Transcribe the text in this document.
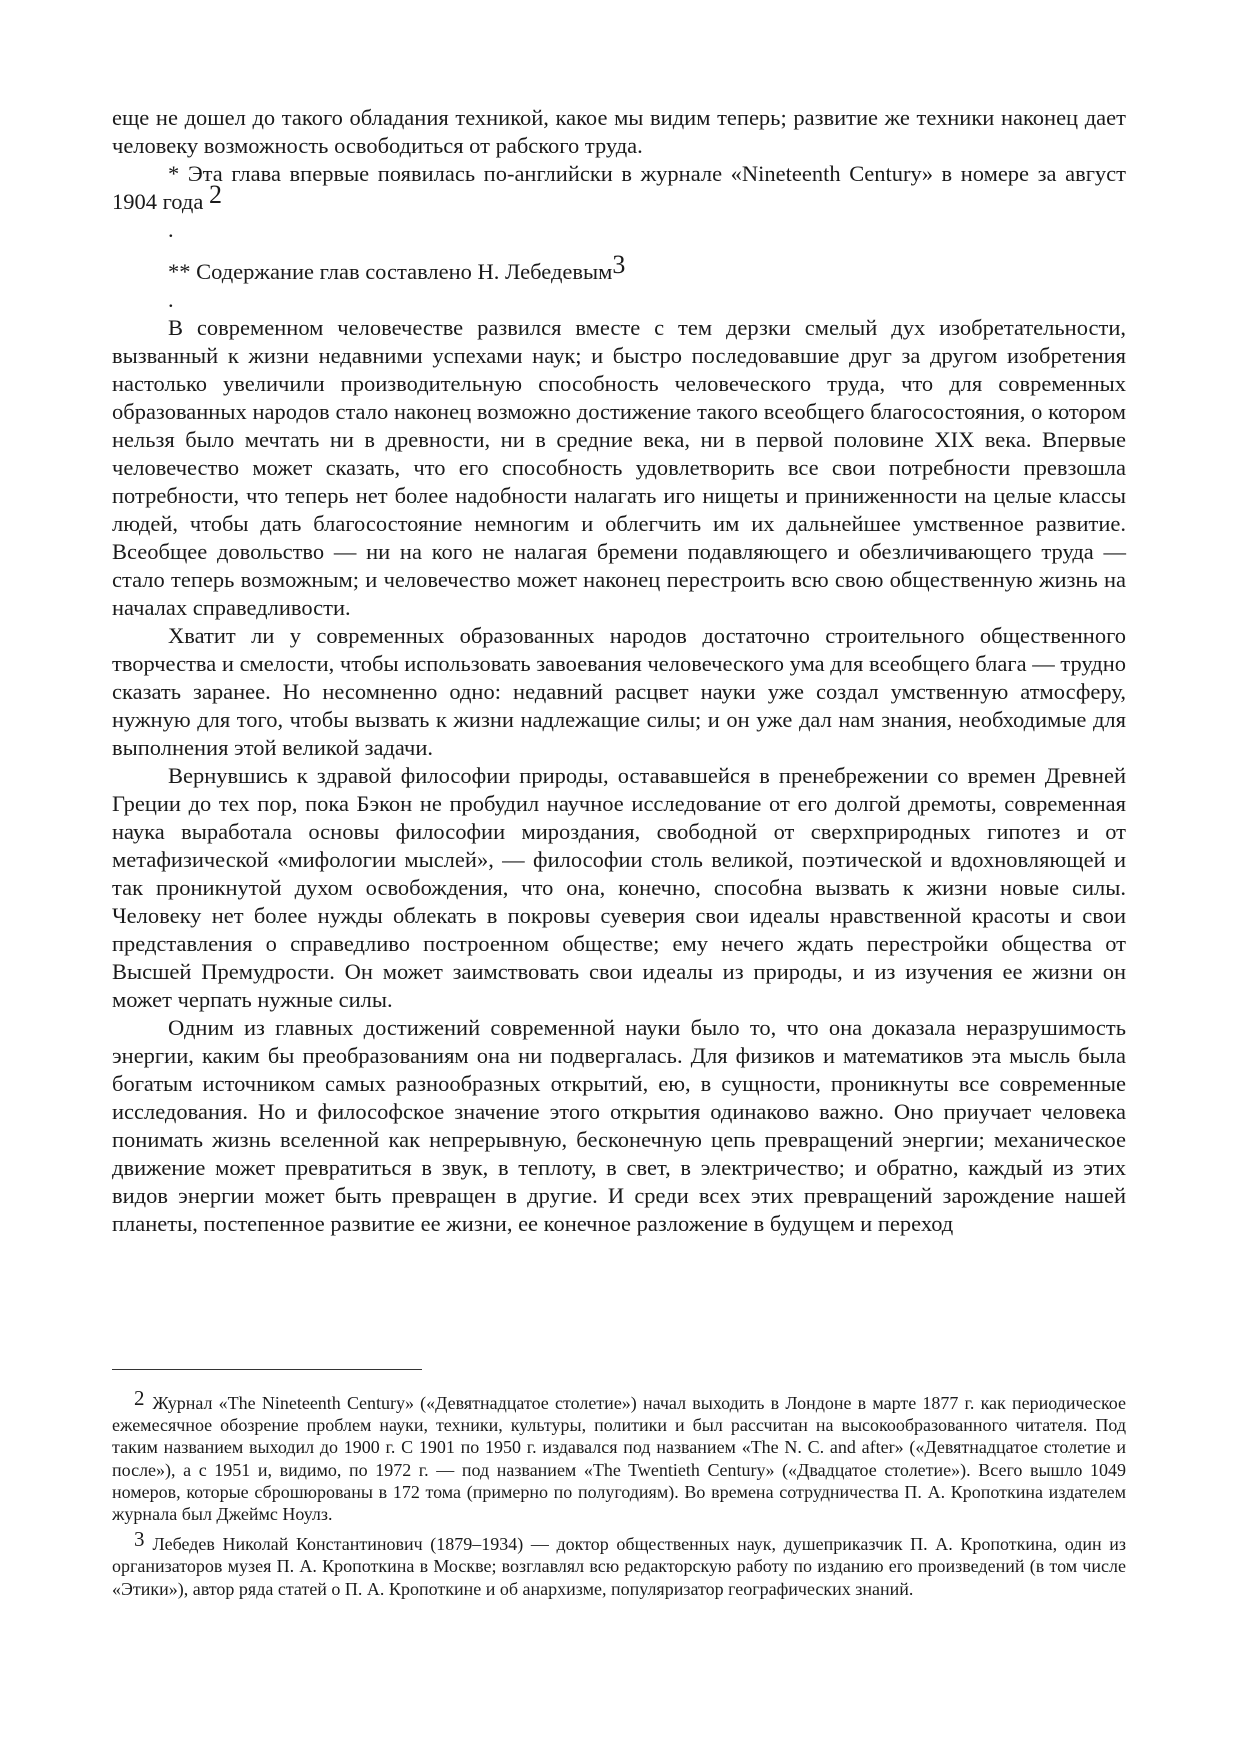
еще не дошел до такого обладания техникой, какое мы видим теперь; развитие же техники наконец дает человеку возможность освободиться от рабского труда.

* Эта глава впервые появилась по-английски в журнале «Nineteenth Century» в номере за август 1904 года $^2$

.

** Содержание глав составлено Н. Лебедевым$^3$

.

В современном человечестве развился вместе с тем дерзки смелый дух изобретательности, вызванный к жизни недавними успехами наук; и быстро последовавшие друг за другом изобретения настолько увеличили производительную способность человеческого труда, что для современных образованных народов стало наконец возможно достижение такого всеобщего благосостояния, о котором нельзя было мечтать ни в древности, ни в средние века, ни в первой половине XIX века. Впервые человечество может сказать, что его способность удовлетворить все свои потребности превзошла потребности, что теперь нет более надобности налагать иго нищеты и приниженности на целые классы людей, чтобы дать благосостояние немногим и облегчить им их дальнейшее умственное развитие. Всеобщее довольство — ни на кого не налагая бремени подавляющего и обезличивающего труда — стало теперь возможным; и человечество может наконец перестроить всю свою общественную жизнь на началах справедливости.

Хватит ли у современных образованных народов достаточно строительного общественного творчества и смелости, чтобы использовать завоевания человеческого ума для всеобщего блага — трудно сказать заранее. Но несомненно одно: недавний расцвет науки уже создал умственную атмосферу, нужную для того, чтобы вызвать к жизни надлежащие силы; и он уже дал нам знания, необходимые для выполнения этой великой задачи.

Вернувшись к здравой философии природы, остававшейся в пренебрежении со времен Древней Греции до тех пор, пока Бэкон не пробудил научное исследование от его долгой дремоты, современная наука выработала основы философии мироздания, свободной от сверхприродных гипотез и от метафизической «мифологии мыслей», — философии столь великой, поэтической и вдохновляющей и так проникнутой духом освобождения, что она, конечно, способна вызвать к жизни новые силы. Человеку нет более нужды облекать в покровы суеверия свои идеалы нравственной красоты и свои представления о справедливо построенном обществе; ему нечего ждать перестройки общества от Высшей Премудрости. Он может заимствовать свои идеалы из природы, и из изучения ее жизни он может черпать нужные силы.

Одним из главных достижений современной науки было то, что она доказала неразрушимость энергии, каким бы преобразованиям она ни подвергалась. Для физиков и математиков эта мысль была богатым источником самых разнообразных открытий, ею, в сущности, проникнуты все современные исследования. Но и философское значение этого открытия одинаково важно. Оно приучает человека понимать жизнь вселенной как непрерывную, бесконечную цепь превращений энергии; механическое движение может превратиться в звук, в теплоту, в свет, в электричество; и обратно, каждый из этих видов энергии может быть превращен в другие. И среди всех этих превращений зарождение нашей планеты, постепенное развитие ее жизни, ее конечное разложение в будущем и переход

$^2$ Журнал «The Nineteenth Century» («Девятнадцатое столетие») начал выходить в Лондоне в марте 1877 г. как периодическое ежемесячное обозрение проблем науки, техники, культуры, политики и был рассчитан на высокообразованного читателя. Под таким названием выходил до 1900 г. С 1901 по 1950 г. издавался под названием «The N. C. and after» («Девятнадцатое столетие и после»), а с 1951 и, видимо, по 1972 г. — под названием «The Twentieth Century» («Двадцатое столетие»). Всего вышло 1049 номеров, которые сброшюрованы в 172 тома (примерно по полугодиям). Во времена сотрудничества П. А. Кропоткина издателем журнала был Джеймс Ноулз.

$^3$ Лебедев Николай Константинович (1879–1934) — доктор общественных наук, душеприказчик П. А. Кропоткина, один из организаторов музея П. А. Кропоткина в Москве; возглавлял всю редакторскую работу по изданию его произведений (в том числе «Этики»), автор ряда статей о П. А. Кропоткине и об анархизме, популяризатор географических знаний.
